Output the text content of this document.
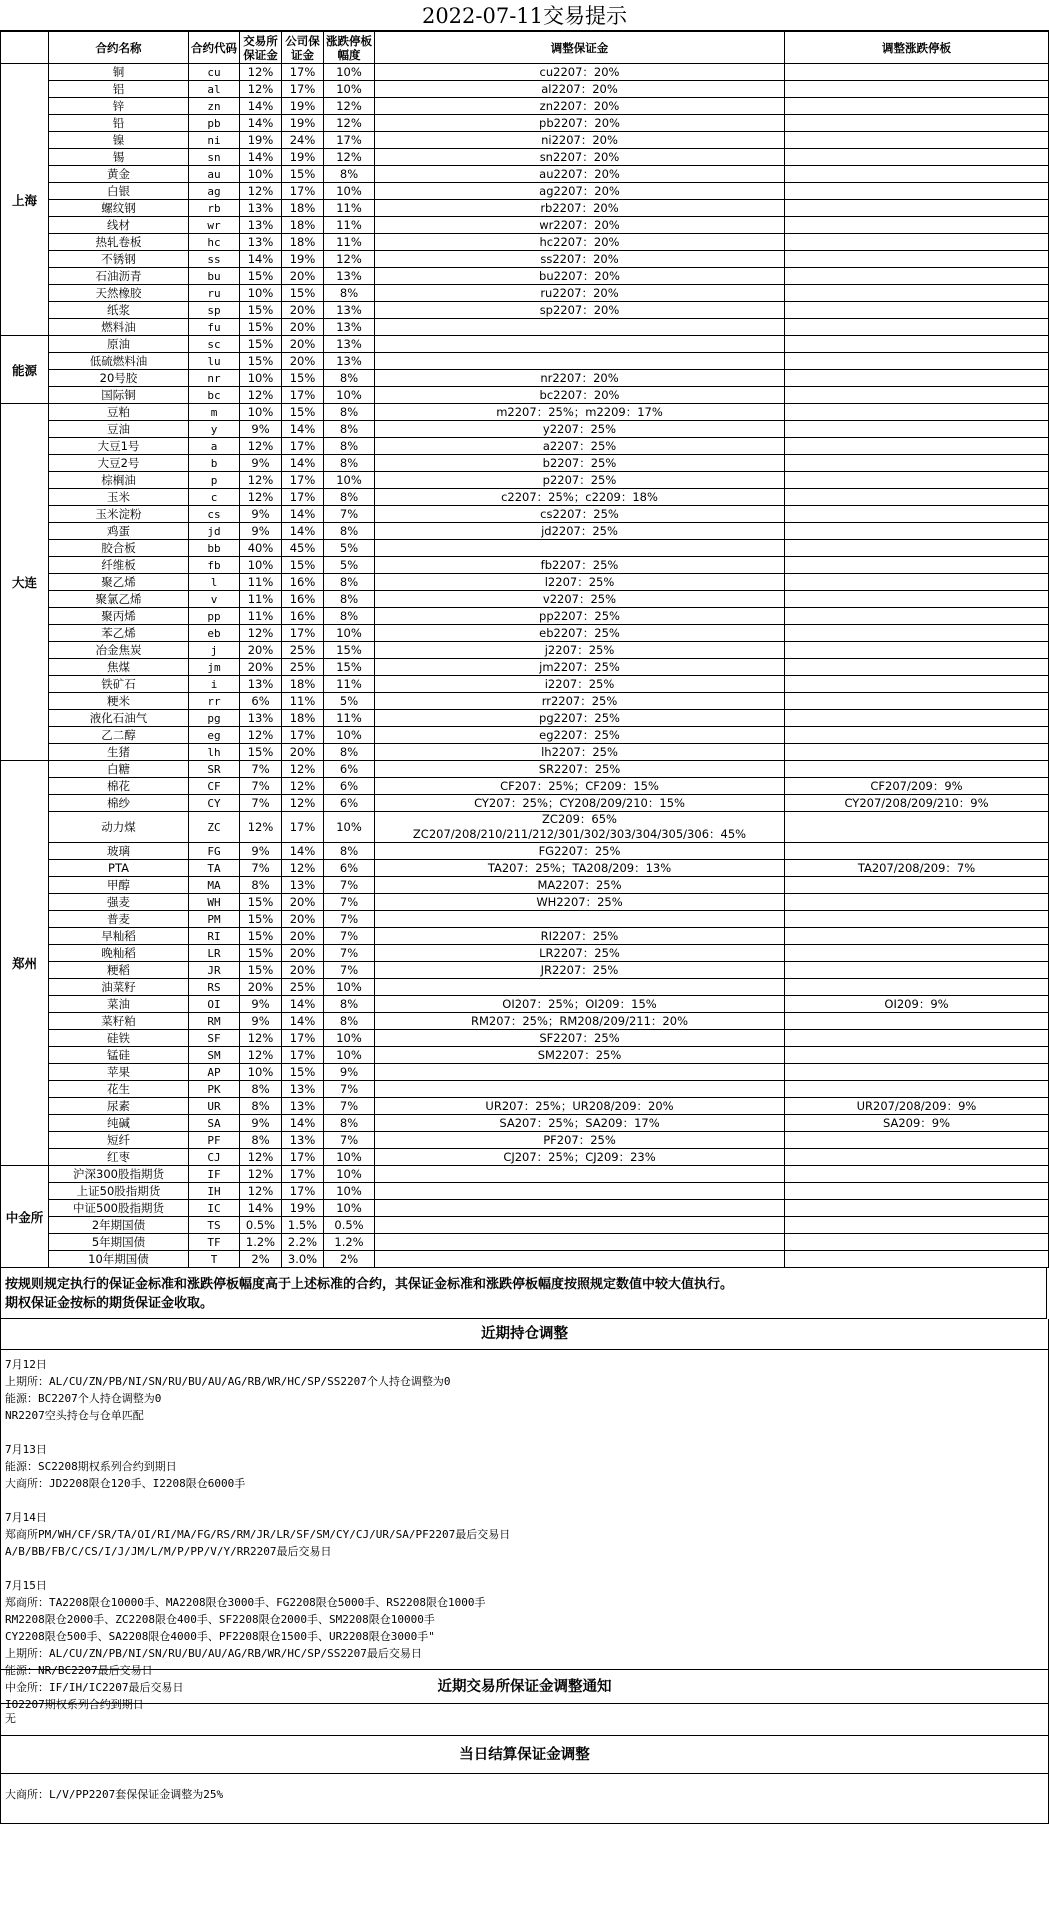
2022-07-11交易提示
	合约名称	合约代码	交易所保证金	公司保证金	涨跌停板幅度	调整保证金	调整涨跌停板
上海	铜	cu	12%	17%	10%	cu2207：20%	
	铝	al	12%	17%	10%	al2207：20%	
	锌	zn	14%	19%	12%	zn2207：20%	
	铅	pb	14%	19%	12%	pb2207：20%	
	镍	ni	19%	24%	17%	ni2207：20%	
	锡	sn	14%	19%	12%	sn2207：20%	
	黄金	au	10%	15%	8%	au2207：20%	
	白银	ag	12%	17%	10%	ag2207：20%	
	螺纹钢	rb	13%	18%	11%	rb2207：20%	
	线材	wr	13%	18%	11%	wr2207：20%	
	热轧卷板	hc	13%	18%	11%	hc2207：20%	
	不锈钢	ss	14%	19%	12%	ss2207：20%	
	石油沥青	bu	15%	20%	13%	bu2207：20%	
	天然橡胶	ru	10%	15%	8%	ru2207：20%	
	纸浆	sp	15%	20%	13%	sp2207：20%	
	燃料油	fu	15%	20%	13%		
能源	原油	sc	15%	20%	13%		
	低硫燃料油	lu	15%	20%	13%		
	20号胶	nr	10%	15%	8%	nr2207：20%	
	国际铜	bc	12%	17%	10%	bc2207：20%	
大连	豆粕	m	10%	15%	8%	m2207：25%；m2209：17%	
	豆油	y	9%	14%	8%	y2207：25%	
	大豆1号	a	12%	17%	8%	a2207：25%	
	大豆2号	b	9%	14%	8%	b2207：25%	
	棕榈油	p	12%	17%	10%	p2207：25%	
	玉米	c	12%	17%	8%	c2207：25%；c2209：18%	
	玉米淀粉	cs	9%	14%	7%	cs2207：25%	
	鸡蛋	jd	9%	14%	8%	jd2207：25%	
	胶合板	bb	40%	45%	5%		
	纤维板	fb	10%	15%	5%	fb2207：25%	
	聚乙烯	l	11%	16%	8%	l2207：25%	
	聚氯乙烯	v	11%	16%	8%	v2207：25%	
	聚丙烯	pp	11%	16%	8%	pp2207：25%	
	苯乙烯	eb	12%	17%	10%	eb2207：25%	
	冶金焦炭	j	20%	25%	15%	j2207：25%	
	焦煤	jm	20%	25%	15%	jm2207：25%	
	铁矿石	i	13%	18%	11%	i2207：25%	
	粳米	rr	6%	11%	5%	rr2207：25%	
	液化石油气	pg	13%	18%	11%	pg2207：25%	
	乙二醇	eg	12%	17%	10%	eg2207：25%	
	生猪	lh	15%	20%	8%	lh2207：25%	
郑州	白糖	SR	7%	12%	6%	SR2207：25%	
	棉花	CF	7%	12%	6%	CF207：25%；CF209：15%	CF207/209：9%
	棉纱	CY	7%	12%	6%	CY207：25%；CY208/209/210：15%	CY207/208/209/210：9%
	动力煤	ZC	12%	17%	10%	ZC209：65%
ZC207/208/210/211/212/301/302/303/304/305/306：45%	
	玻璃	FG	9%	14%	8%	FG2207：25%	
	PTA	TA	7%	12%	6%	TA207：25%；TA208/209：13%	TA207/208/209：7%
	甲醇	MA	8%	13%	7%	MA2207：25%	
	强麦	WH	15%	20%	7%	WH2207：25%	
	普麦	PM	15%	20%	7%		
	早籼稻	RI	15%	20%	7%	RI2207：25%	
	晚籼稻	LR	15%	20%	7%	LR2207：25%	
	粳稻	JR	15%	20%	7%	JR2207：25%	
	油菜籽	RS	20%	25%	10%		
	菜油	OI	9%	14%	8%	OI207：25%；OI209：15%	OI209：9%
	菜籽粕	RM	9%	14%	8%	RM207：25%；RM208/209/211：20%	
	硅铁	SF	12%	17%	10%	SF2207：25%	
	锰硅	SM	12%	17%	10%	SM2207：25%	
	苹果	AP	10%	15%	9%		
	花生	PK	8%	13%	7%		
	尿素	UR	8%	13%	7%	UR207：25%；UR208/209：20%	UR207/208/209：9%
	纯碱	SA	9%	14%	8%	SA207：25%；SA209：17%	SA209：9%
	短纤	PF	8%	13%	7%	PF207：25%	
	红枣	CJ	12%	17%	10%	CJ207：25%；CJ209：23%	
中金所	沪深300股指期货	IF	12%	17%	10%		
	上证50股指期货	IH	12%	17%	10%		
	中证500股指期货	IC	14%	19%	10%		
	2年期国债	TS	0.5%	1.5%	0.5%		
	5年期国债	TF	1.2%	2.2%	1.2%		
	10年期国债	T	2%	3.0%	2%		
按规则规定执行的保证金标准和涨跌停板幅度高于上述标准的合约，其保证金标准和涨跌停板幅度按照规定数值中较大值执行。
期权保证金按标的期货保证金收取。
近期持仓调整
7月12日
上期所：AL/CU/ZN/PB/NI/SN/RU/BU/AU/AG/RB/WR/HC/SP/SS2207个人持仓调整为0
能源：BC2207个人持仓调整为0
NR2207空头持仓与仓单匹配

7月13日
能源：SC2208期权系列合约到期日
大商所：JD2208限仓120手、I2208限仓6000手

7月14日
郑商所PM/WH/CF/SR/TA/OI/RI/MA/FG/RS/RM/JR/LR/SF/SM/CY/CJ/UR/SA/PF2207最后交易日
A/B/BB/FB/C/CS/I/J/JM/L/M/P/PP/V/Y/RR2207最后交易日

7月15日
郑商所：TA2208限仓10000手、MA2208限仓3000手、FG2208限仓5000手、RS2208限仓1000手
RM2208限仓2000手、ZC2208限仓400手、SF2208限仓2000手、SM2208限仓10000手
CY2208限仓500手、SA2208限仓4000手、PF2208限仓1500手、UR2208限仓3000手"
上期所：AL/CU/ZN/PB/NI/SN/RU/BU/AU/AG/RB/WR/HC/SP/SS2207最后交易日
能源：NR/BC2207最后交易日
中金所：IF/IH/IC2207最后交易日
IO2207期权系列合约到期日
近期交易所保证金调整通知
无
当日结算保证金调整
大商所：L/V/PP2207套保保证金调整为25%
